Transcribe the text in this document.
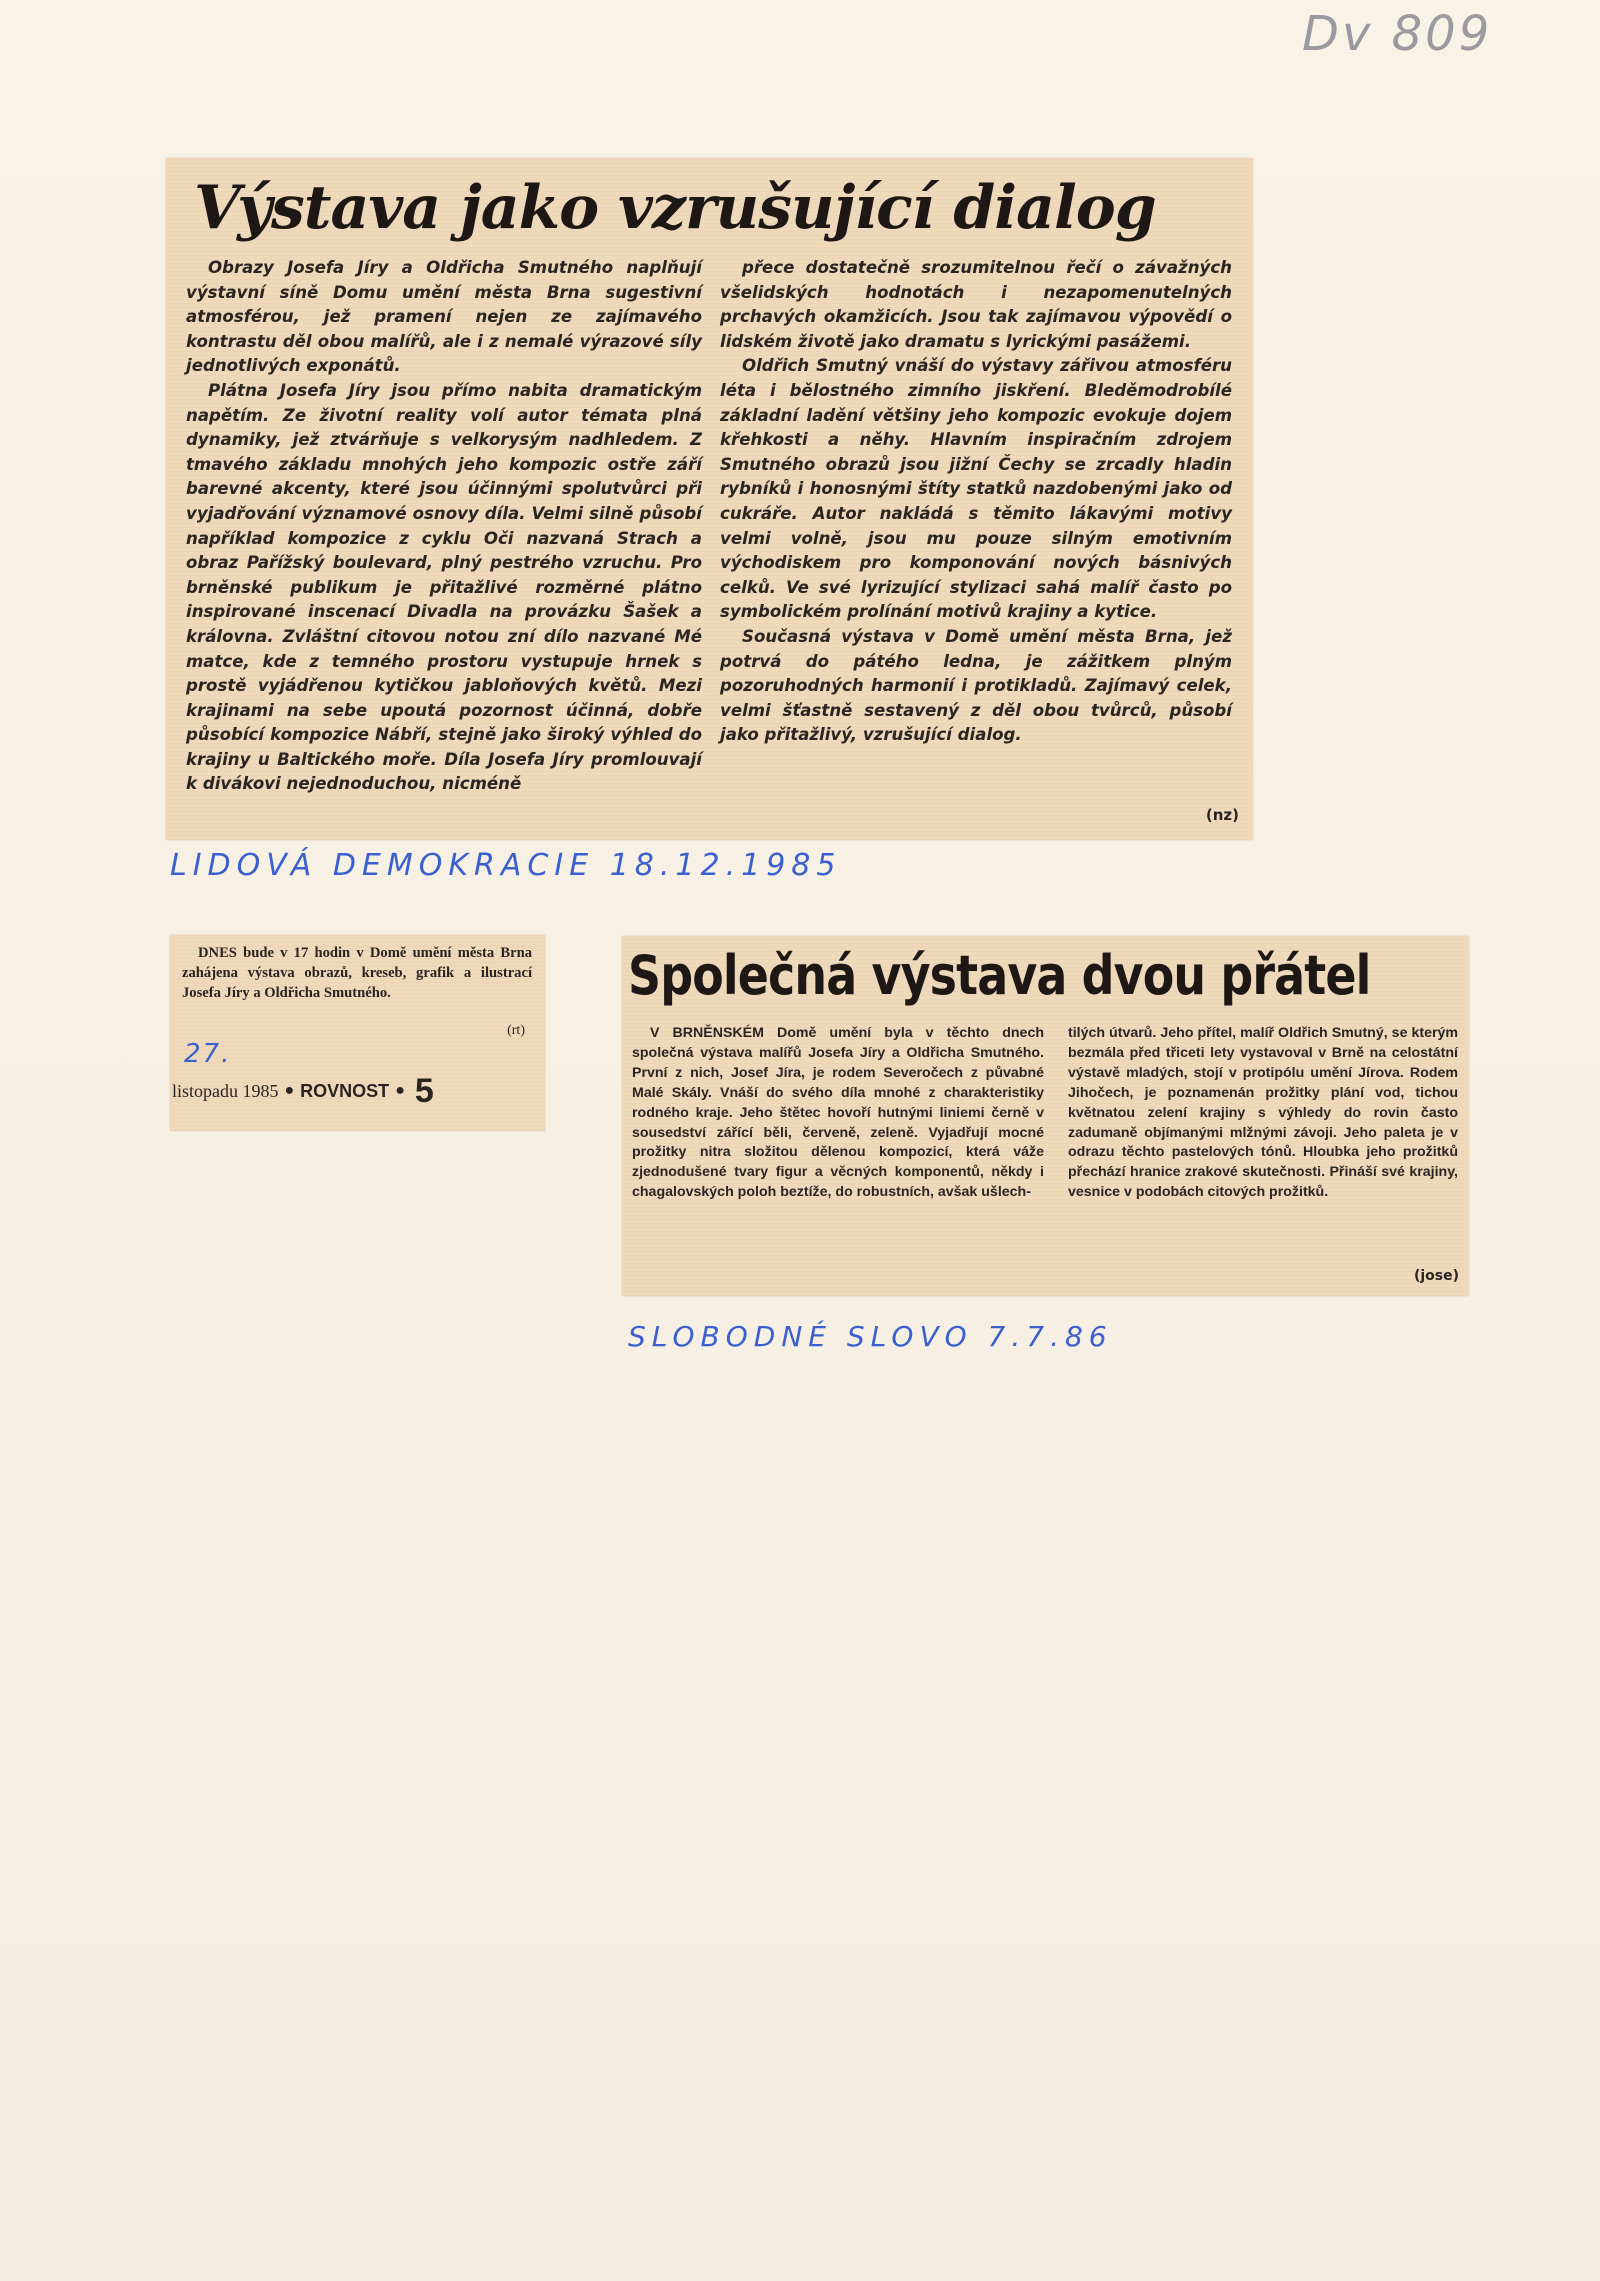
Dv 809
Výstava jako vzrušující dialog

Obrazy Josefa Jíry a Oldřicha Smutného naplňují výstavní síně Domu umění města Brna sugestivní atmosférou, jež pramení nejen ze zajímavého kontrastu děl obou malířů, ale i z nemalé výrazové síly jednotlivých exponátů.

Plátna Josefa Jíry jsou přímo nabita dramatickým napětím. Ze životní reality volí autor témata plná dynamiky, jež ztvárňuje s velkorysým nadhledem. Z tmavého základu mnohých jeho kompozic ostře září barevné akcenty, které jsou účinnými spolutvůrci při vyjadřování významové osnovy díla. Velmi silně působí například kompozice z cyklu Oči nazvaná Strach a obraz Pařížský boulevard, plný pestrého vzruchu. Pro brněnské publikum je přitažlivé rozměrné plátno inspirované inscenací Divadla na provázku Šašek a královna. Zvláštní citovou notou zní dílo nazvané Mé matce, kde z temného prostoru vystupuje hrnek s prostě vyjádřenou kytičkou jabloňových květů. Mezi krajinami na sebe upoutá pozornost účinná, dobře působící kompozice Nábří, stejně jako široký výhled do krajiny u Baltického moře. Díla Josefa Jíry promlouvají k divákovi nejednoduchou, nicméně

přece dostatečně srozumitelnou řečí o závažných všelidských hodnotách i nezapomenutelných prchavých okamžicích. Jsou tak zajímavou výpovědí o lidském životě jako dramatu s lyrickými pasážemi.

Oldřich Smutný vnáší do výstavy zářivou atmosféru léta i bělostného zimního jiskření. Bleděmodrobílé základní ladění většiny jeho kompozic evokuje dojem křehkosti a něhy. Hlavním inspiračním zdrojem Smutného obrazů jsou jižní Čechy se zrcadly hladin rybníků i honosnými štíty statků nazdobenými jako od cukráře. Autor nakládá s těmito lákavými motivy velmi volně, jsou mu pouze silným emotivním východiskem pro komponování nových básnivých celků. Ve své lyrizující stylizaci sahá malíř často po symbolickém prolínání motivů krajiny a kytice.

Současná výstava v Domě umění města Brna, jež potrvá do pátého ledna, je zážitkem plným pozoruhodných harmonií i protikladů. Zajímavý celek, velmi šťastně sestavený z děl obou tvůrců, působí jako přitažlivý, vzrušující dialog.

(nz)
LIDOVÁ DEMOKRACIE 18.12.1985
DNES bude v 17 hodin v Domě umění města Brna zahájena výstava obrazů, kreseb, grafik a ilustrací Josefa Jíry a Oldřicha Smutného.
(rt)
27.
listopadu 1985 ● ROVNOST ● 5
Společná výstava dvou přátel

V BRNĚNSKÉM Domě umění byla v těchto dnech společná výstava malířů Josefa Jíry a Oldřicha Smutného. První z nich, Josef Jíra, je rodem Severočech z půvabné Malé Skály. Vnáší do svého díla mnohé z charakteristiky rodného kraje. Jeho štětec hovoří hutnými liniemi černě v sousedství zářící běli, červeně, zeleně. Vyjadřují mocné prožitky nitra složitou dělenou kompozicí, která váže zjednodušené tvary figur a věcných komponentů, někdy i chagalovských poloh beztíže, do robustních, avšak ušlech-

tilých útvarů. Jeho přítel, malíř Oldřich Smutný, se kterým bezmála před třiceti lety vystavoval v Brně na celostátní výstavě mladých, stojí v protipólu umění Jírova. Rodem Jihočech, je poznamenán prožitky plání vod, tichou květnatou zelení krajiny s výhledy do rovin často zadumaně objímanými mlžnými závoji. Jeho paleta je v odrazu těchto pastelových tónů. Hloubka jeho prožitků přechází hranice zrakové skutečnosti. Přináší své krajiny, vesnice v podobách citových prožitků.

(jose)
SLOBODNÉ SLOVO 7.7.86
